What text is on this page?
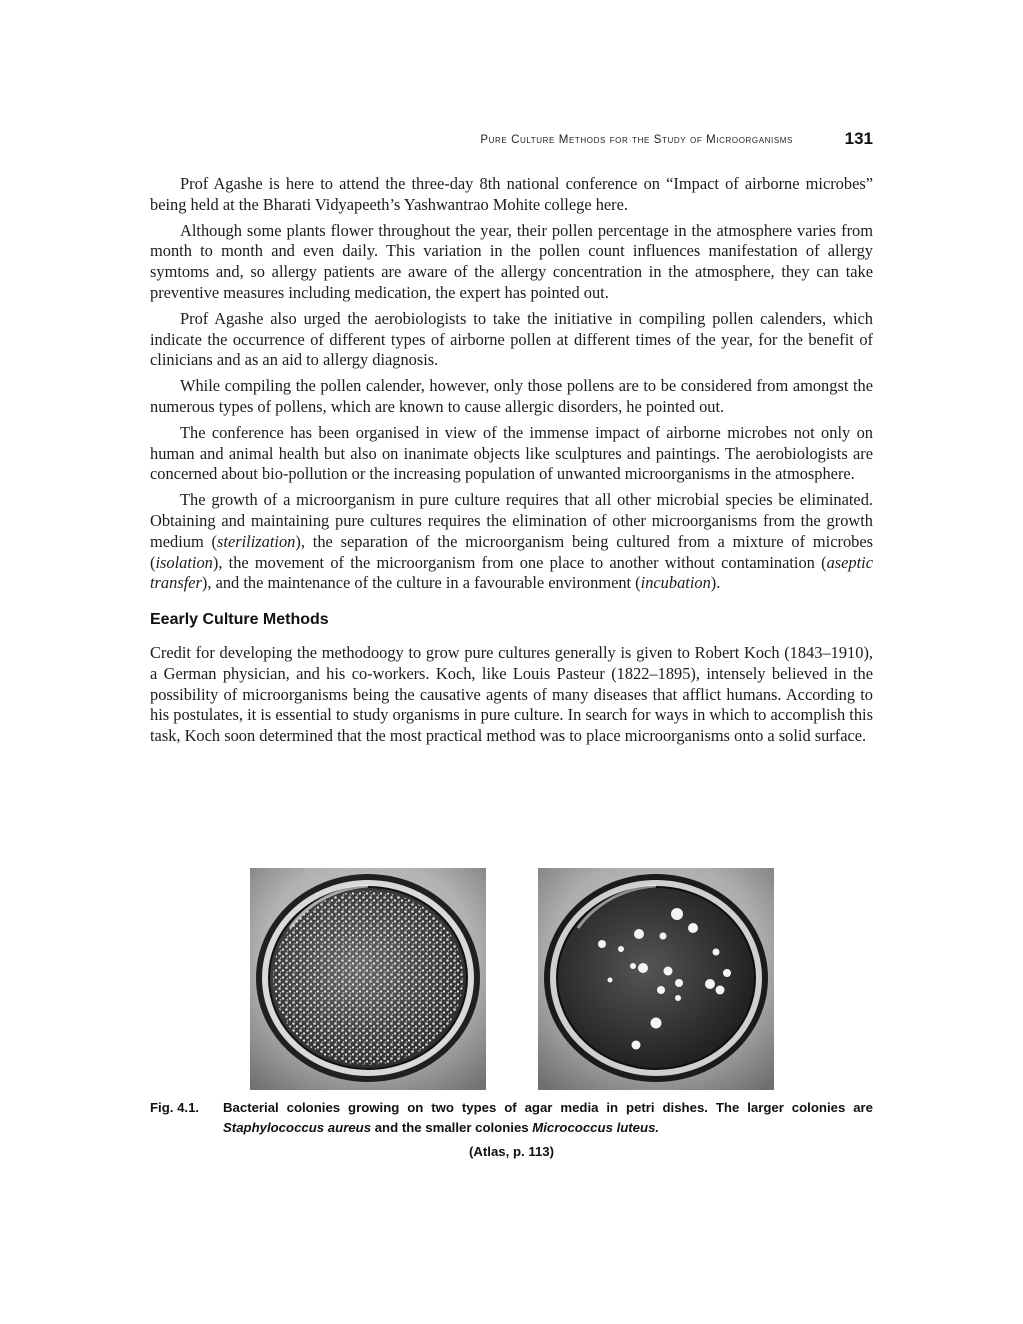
Pure Culture Methods for the Study of Microorganisms	131

Prof Agashe is here to attend the three-day 8th national conference on “Impact of airborne microbes” being held at the Bharati Vidyapeeth’s Yashwantrao Mohite college here.

Although some plants flower throughout the year, their pollen percentage in the atmosphere varies from month to month and even daily. This variation in the pollen count influences manifestation of allergy symtoms and, so allergy patients are aware of the allergy concentration in the atmosphere, they can take preventive measures including medication, the expert has pointed out.

Prof Agashe also urged the aerobiologists to take the initiative in compiling pollen calenders, which indicate the occurrence of different types of airborne pollen at different times of the year, for the benefit of clinicians and as an aid to allergy diagnosis.

While compiling the pollen calender, however, only those pollens are to be considered from amongst the numerous types of pollens, which are known to cause allergic disorders, he pointed out.

The conference has been organised in view of the immense impact of airborne microbes not only on human and animal health but also on inanimate objects like sculptures and paintings. The aerobiologists are concerned about bio-pollution or the increasing population of unwanted microorganisms in the atmosphere.

The growth of a microorganism in pure culture requires that all other microbial species be eliminated. Obtaining and maintaining pure cultures requires the elimination of other microorganisms from the growth medium (sterilization), the separation of the microorganism being cultured from a mixture of microbes (isolation), the movement of the microorganism from one place to another without contamination (aseptic transfer), and the maintenance of the culture in a favourable environment (incubation).

Eearly Culture Methods

Credit for developing the methodoogy to grow pure cultures generally is given to Robert Koch (1843–1910), a German physician, and his co-workers. Koch, like Louis Pasteur (1822–1895), intensely believed in the possibility of microorganisms being the causative agents of many diseases that afflict humans. According to his postulates, it is essential to study organisms in pure culture. In search for ways in which to accomplish this task, Koch soon determined that the most practical method was to place microorganisms onto a solid surface.

Fig. 4.1. Bacterial colonies growing on two types of agar media in petri dishes. The larger colonies are Staphylococcus aureus and the smaller colonies Micrococcus luteus.
(Atlas, p. 113)
